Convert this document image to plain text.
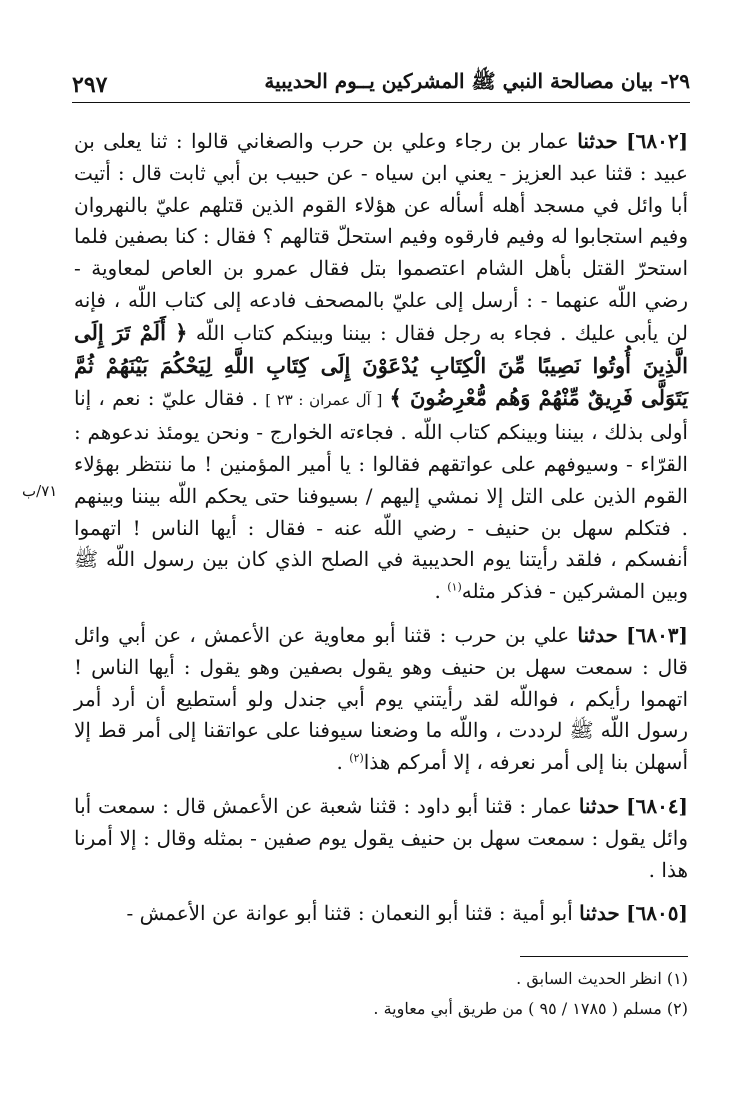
٢٩٧	٢٩- بيان مصالحة النبي ﷺ المشركين يــوم الحديبية
٧١/ب

[٦٨٠٢] حدثنا عمار بن رجاء وعلي بن حرب والصغاني قالوا : ثنا يعلى بن عبيد : قثنا عبد العزيز - يعني ابن سياه - عن حبيب بن أبي ثابت قال : أتيت أبا وائل في مسجد أهله أسأله عن هؤلاء القوم الذين قتلهم عليّ بالنهروان وفيم استجابوا له وفيم فارقوه وفيم استحلّ قتالهم ؟ فقال : كنا بصفين فلما استحرّ القتل بأهل الشام اعتصموا بتل فقال عمرو بن العاص لمعاوية - رضي اللّه عنهما - : أرسل إلى عليّ بالمصحف فادعه إلى كتاب اللّه ، فإنه لن يأبى عليك . فجاء به رجل فقال : بيننا وبينكم كتاب اللّه ﴿ أَلَمْ تَرَ إِلَى الَّذِينَ أُوتُوا نَصِيبًا مِّنَ الْكِتَابِ يُدْعَوْنَ إِلَى كِتَابِ اللَّهِ لِيَحْكُمَ بَيْنَهُمْ ثُمَّ يَتَوَلَّى فَرِيقٌ مِّنْهُمْ وَهُم مُّعْرِضُونَ ﴾ [ آل عمران : ٢٣ ] . فقال عليّ : نعم ، إنا أولى بذلك ، بيننا وبينكم كتاب اللّه . فجاءته الخوارج - ونحن يومئذ ندعوهم : القرّاء - وسيوفهم على عواتقهم فقالوا : يا أمير المؤمنين ! ما ننتظر بهؤلاء القوم الذين على التل إلا نمشي إليهم / بسيوفنا حتى يحكم اللّه بيننا وبينهم . فتكلم سهل بن حنيف - رضي اللّه عنه - فقال : أيها الناس ! اتهموا أنفسكم ، فلقد رأيتنا يوم الحديبية في الصلح الذي كان بين رسول اللّه ﷺ وبين المشركين - فذكر مثله$^{(١)}$ .

[٦٨٠٣] حدثنا علي بن حرب : قثنا أبو معاوية عن الأعمش ، عن أبي وائل قال : سمعت سهل بن حنيف وهو يقول بصفين وهو يقول : أيها الناس ! اتهموا رأيكم ، فواللّه لقد رأيتني يوم أبي جندل ولو أستطيع أن أرد أمر رسول اللّه ﷺ لرددت ، واللّه ما وضعنا سيوفنا على عواتقنا إلى أمر قط إلا أسهلن بنا إلى أمر نعرفه ، إلا أمركم هذا$^{(٢)}$ .

[٦٨٠٤] حدثنا عمار : قثنا أبو داود : قثنا شعبة عن الأعمش قال : سمعت أبا وائل يقول : سمعت سهل بن حنيف يقول يوم صفين - بمثله وقال : إلا أمرنا هذا .

[٦٨٠٥] حدثنا أبو أمية : قثنا أبو النعمان : قثنا أبو عوانة عن الأعمش -

(١) انظر الحديث السابق .

(٢) مسلم ( ١٧٨٥ / ٩٥ ) من طريق أبي معاوية .
